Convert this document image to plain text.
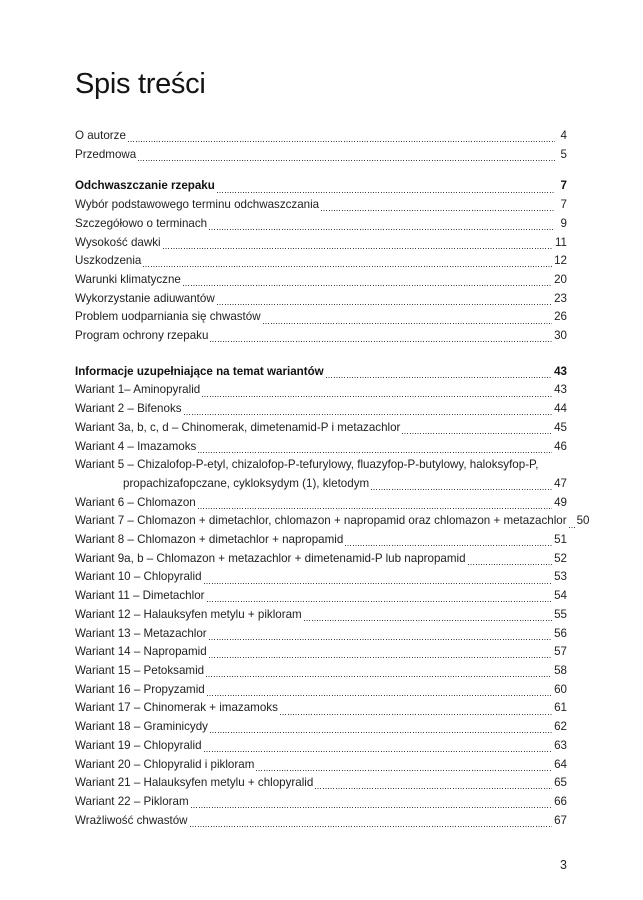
Spis treści
O autorze	4
Przedmowa	5
Odchwaszczanie rzepaku	7
Wybór podstawowego terminu odchwaszczania	7
Szczegółowo o terminach	9
Wysokość dawki	11
Uszkodzenia	12
Warunki klimatyczne	20
Wykorzystanie adiuwantów	23
Problem uodparniania się chwastów	26
Program ochrony rzepaku	30
Informacje uzupełniające na temat wariantów	43
Wariant 1– Aminopyralid	43
Wariant 2 – Bifenoks	44
Wariant 3a, b, c, d – Chinomerak, dimetenamid-P i metazachlor	45
Wariant 4 – Imazamoks	46
Wariant 5 – Chizalofop-P-etyl, chizalofop-P-tefurylowy, fluazyfop-P-butylowy, haloksyfop-P,
propachizafopczane, cykloksydym (1), kletodym	47
Wariant 6 – Chlomazon	49
Wariant 7 – Chlomazon + dimetachlor, chlomazon + napropamid oraz chlomazon + metazachlor 50
Wariant 8 – Chlomazon + dimetachlor + napropamid	51
Wariant 9a, b – Chlomazon + metazachlor + dimetenamid-P lub napropamid	52
Wariant 10 – Chlopyralid	53
Wariant 11 – Dimetachlor	54
Wariant 12 – Halauksyfen metylu + pikloram	55
Wariant 13 – Metazachlor	56
Wariant 14 – Napropamid	57
Wariant 15 – Petoksamid	58
Wariant 16 – Propyzamid	60
Wariant 17 – Chinomerak + imazamoks	61
Wariant 18 – Graminicydy	62
Wariant 19 – Chlopyralid	63
Wariant 20 – Chlopyralid i pikloram	64
Wariant 21 – Halauksyfen metylu + chlopyralid	65
Wariant 22 – Pikloram	66
Wrażliwość chwastów	67
3
